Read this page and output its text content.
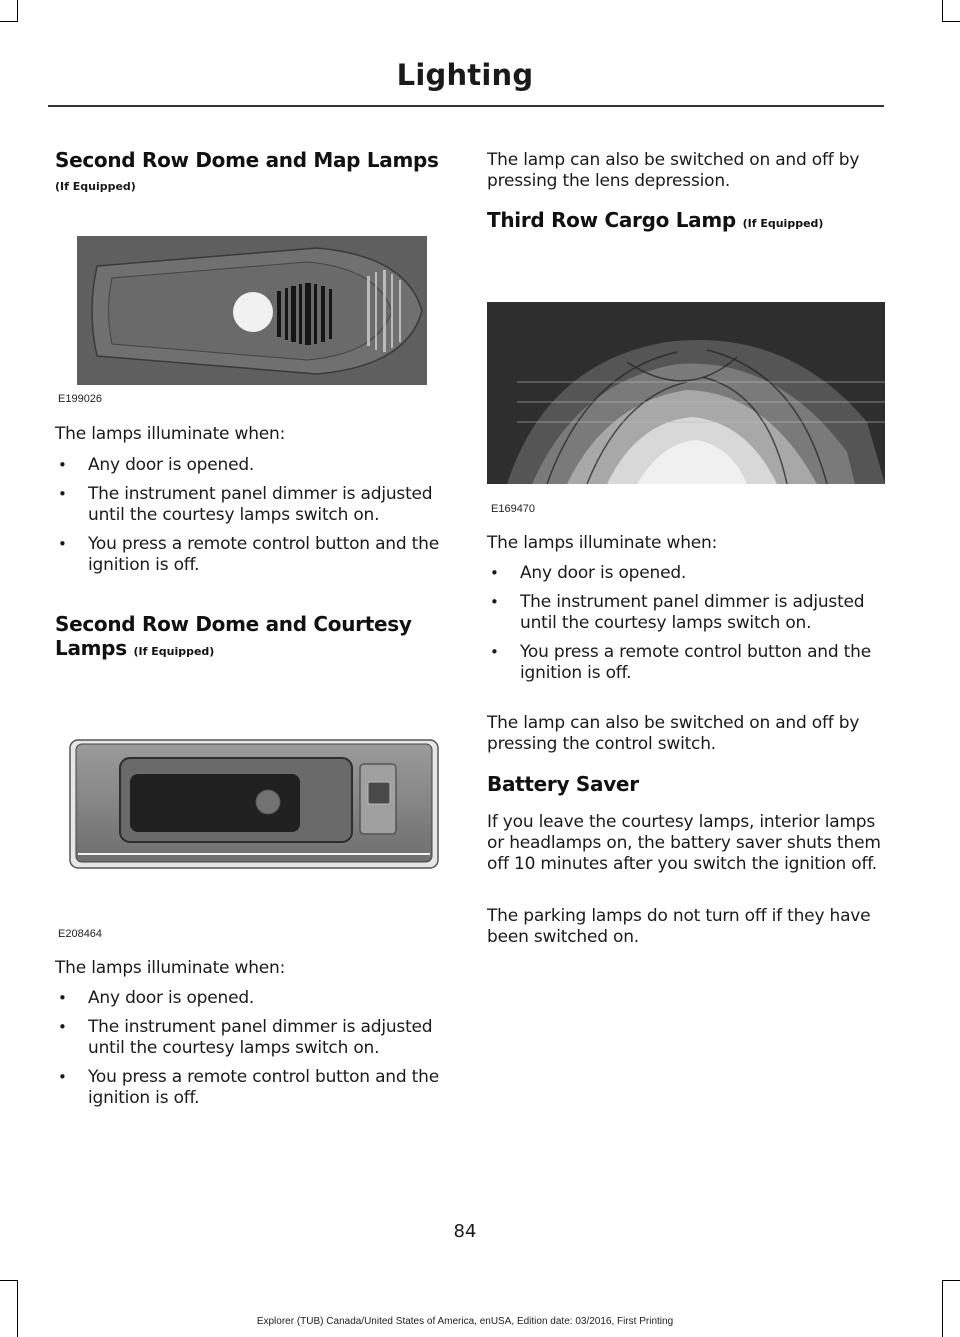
Lighting
Second Row Dome and Map Lamps
(If Equipped)
E199026

The lamps illuminate when:

• Any door is opened.
• The instrument panel dimmer is adjusted until the courtesy lamps switch on.
• You press a remote control button and the ignition is off.
Second Row Dome and Courtesy
Lamps (If Equipped)
E208464

The lamps illuminate when:

• Any door is opened.
• The instrument panel dimmer is adjusted until the courtesy lamps switch on.
• You press a remote control button and the ignition is off.

The lamp can also be switched on and off by pressing the lens depression.

Third Row Cargo Lamp (If Equipped)
E169470

The lamps illuminate when:

• Any door is opened.
• The instrument panel dimmer is adjusted until the courtesy lamps switch on.
• You press a remote control button and the ignition is off.

The lamp can also be switched on and off by pressing the control switch.

Battery Saver

If you leave the courtesy lamps, interior lamps or headlamps on, the battery saver shuts them off 10 minutes after you switch the ignition off.

The parking lamps do not turn off if they have been switched on.

84
Explorer (TUB) Canada/United States of America, enUSA, Edition date: 03/2016, First Printing
